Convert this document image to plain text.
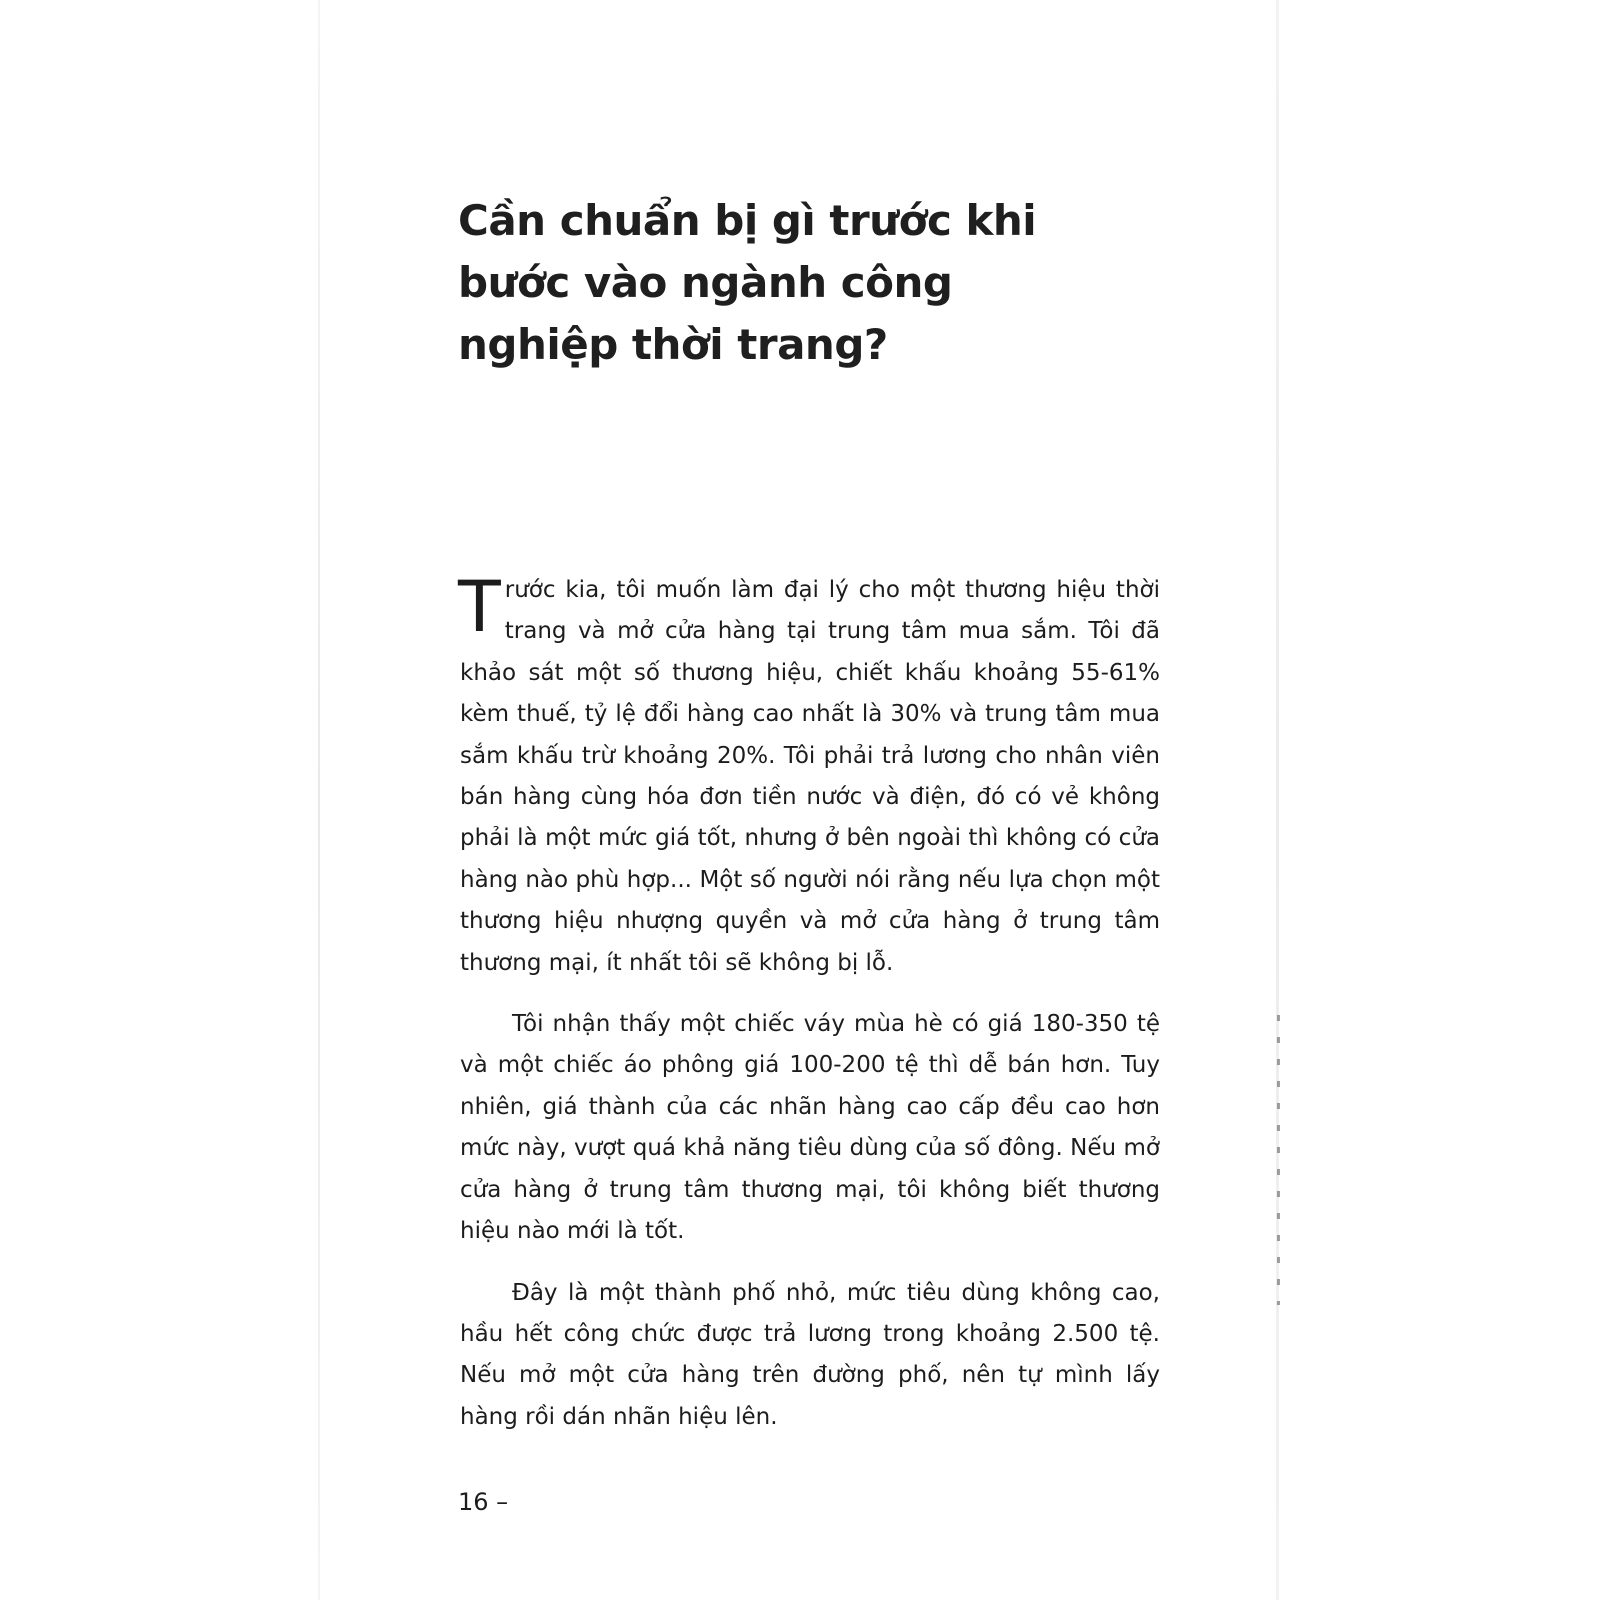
Cần chuẩn bị gì trước khi bước vào ngành công nghiệp thời trang?

Trước kia, tôi muốn làm đại lý cho một thương hiệu thời trang và mở cửa hàng tại trung tâm mua sắm. Tôi đã khảo sát một số thương hiệu, chiết khấu khoảng 55-61% kèm thuế, tỷ lệ đổi hàng cao nhất là 30% và trung tâm mua sắm khấu trừ khoảng 20%. Tôi phải trả lương cho nhân viên bán hàng cùng hóa đơn tiền nước và điện, đó có vẻ không phải là một mức giá tốt, nhưng ở bên ngoài thì không có cửa hàng nào phù hợp... Một số người nói rằng nếu lựa chọn một thương hiệu nhượng quyền và mở cửa hàng ở trung tâm thương mại, ít nhất tôi sẽ không bị lỗ.

Tôi nhận thấy một chiếc váy mùa hè có giá 180-350 tệ và một chiếc áo phông giá 100-200 tệ thì dễ bán hơn. Tuy nhiên, giá thành của các nhãn hàng cao cấp đều cao hơn mức này, vượt quá khả năng tiêu dùng của số đông. Nếu mở cửa hàng ở trung tâm thương mại, tôi không biết thương hiệu nào mới là tốt.

Đây là một thành phố nhỏ, mức tiêu dùng không cao, hầu hết công chức được trả lương trong khoảng 2.500 tệ. Nếu mở một cửa hàng trên đường phố, nên tự mình lấy hàng rồi dán nhãn hiệu lên.

16 –
